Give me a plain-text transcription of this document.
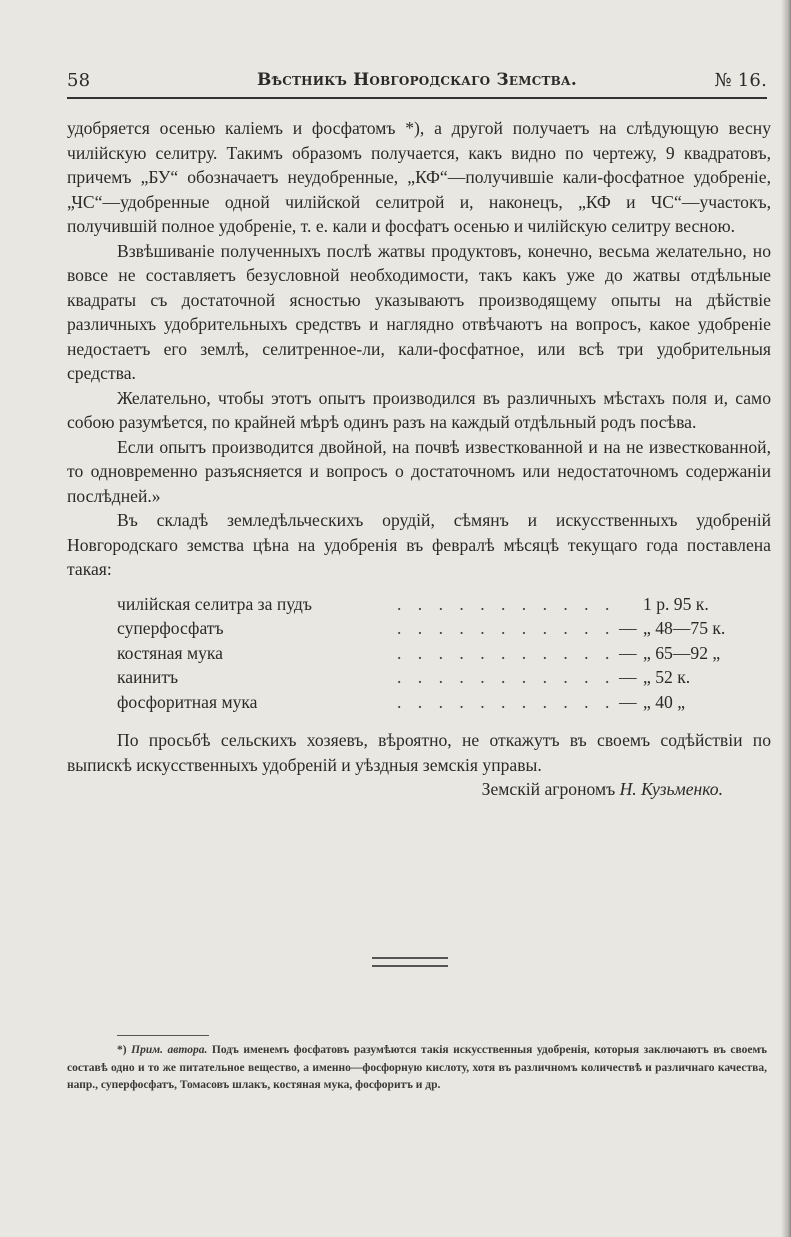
58	Вѣстникъ Новгородскаго Земства.	№ 16.

удобряется осенью каліемъ и фосфатомъ *), а другой получаетъ на слѣдующую весну чилійскую селитру. Такимъ образомъ получается, какъ видно по чертежу, 9 квадратовъ, причемъ „БУ“ обозначаетъ неудобренные, „КФ“—получившіе кали-фосфатное удобреніе, „ЧС“—удобренные одной чилійской селитрой и, наконецъ, „КФ и ЧС“—участокъ, получившій полное удобреніе, т. е. кали и фосфатъ осенью и чилійскую селитру весною.

Взвѣшиваніе полученныхъ послѣ жатвы продуктовъ, конечно, весьма желательно, но вовсе не составляетъ безусловной необходимости, такъ какъ уже до жатвы отдѣльные квадраты съ достаточной ясностью указываютъ производящему опыты на дѣйствіе различныхъ удобрительныхъ средствъ и наглядно отвѣчаютъ на вопросъ, какое удобреніе недостаетъ его землѣ, селитренное-ли, кали-фосфатное, или всѣ три удобрительныя средства.

Желательно, чтобы этотъ опытъ производился въ различныхъ мѣстахъ поля и, само собою разумѣется, по крайней мѣрѣ одинъ разъ на каждый отдѣльный родъ посѣва.

Если опытъ производится двойной, на почвѣ известкованной и на не известкованной, то одновременно разъясняется и вопросъ о достаточномъ или недостаточномъ содержаніи послѣдней.»

Въ складѣ земледѣльческихъ орудій, сѣмянъ и искусственныхъ удобреній Новгородскаго земства цѣна на удобренія въ февралѣ мѣсяцѣ текущаго года поставлена такая:

чилійская селитра за пудъ	. . . . . . . . . . . 1 р. 95 к.
суперфосфатъ	. . . . . . . . . . . — „ 48—75 к.
костяная мука	. . . . . . . . . . . — „ 65—92 „
каинитъ	. . . . . . . . . . . — „ 52 к.
фосфоритная мука	. . . . . . . . . . . — „ 40 „

По просьбѣ сельскихъ хозяевъ, вѣроятно, не откажутъ въ своемъ содѣйствіи по выпискѣ искусственныхъ удобреній и уѣздныя земскія управы.

Земскій агрономъ Н. Кузьменко.

*) Прим. автора. Подъ именемъ фосфатовъ разумѣются такія искусственныя удобренія, которыя заключаютъ въ своемъ составѣ одно и то же питательное вещество, а именно—фосфорную кислоту, хотя въ различномъ количествѣ и различнаго качества, напр., суперфосфатъ, Томасовъ шлакъ, костяная мука, фосфоритъ и др.
